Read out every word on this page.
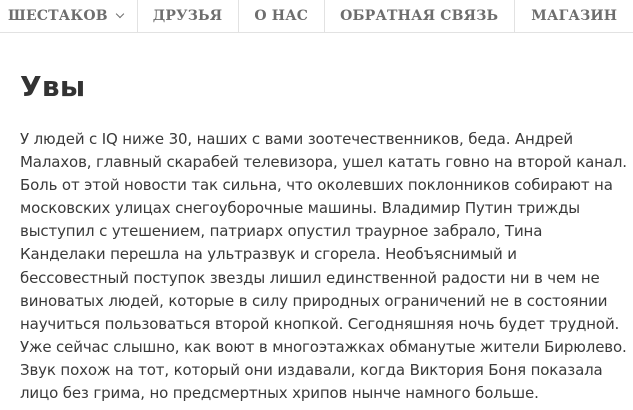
ШЕСТАКОВ	ДРУЗЬЯ О НАС ОБРАТНАЯ СВЯЗЬ МАГАЗИН
Увы

У людей с IQ ниже 30, наших с вами зоотечественников, беда. Андрей
Малахов, главный скарабей телевизора, ушел катать говно на второй канал.
Боль от этой новости так сильна, что околевших поклонников собирают на
московских улицах снегоуборочные машины. Владимир Путин трижды
выступил с утешением, патриарх опустил траурное забрало, Тина
Канделаки перешла на ультразвук и сгорела. Необъяснимый и
бессовестный поступок звезды лишил единственной радости ни в чем не
виноватых людей, которые в силу природных ограничений не в состоянии
научиться пользоваться второй кнопкой. Сегодняшняя ночь будет трудной.
Уже сейчас слышно, как воют в многоэтажках обманутые жители Бирюлево.
Звук похож на тот, который они издавали, когда Виктория Боня показала
лицо без грима, но предсмертных хрипов нынче намного больше.
